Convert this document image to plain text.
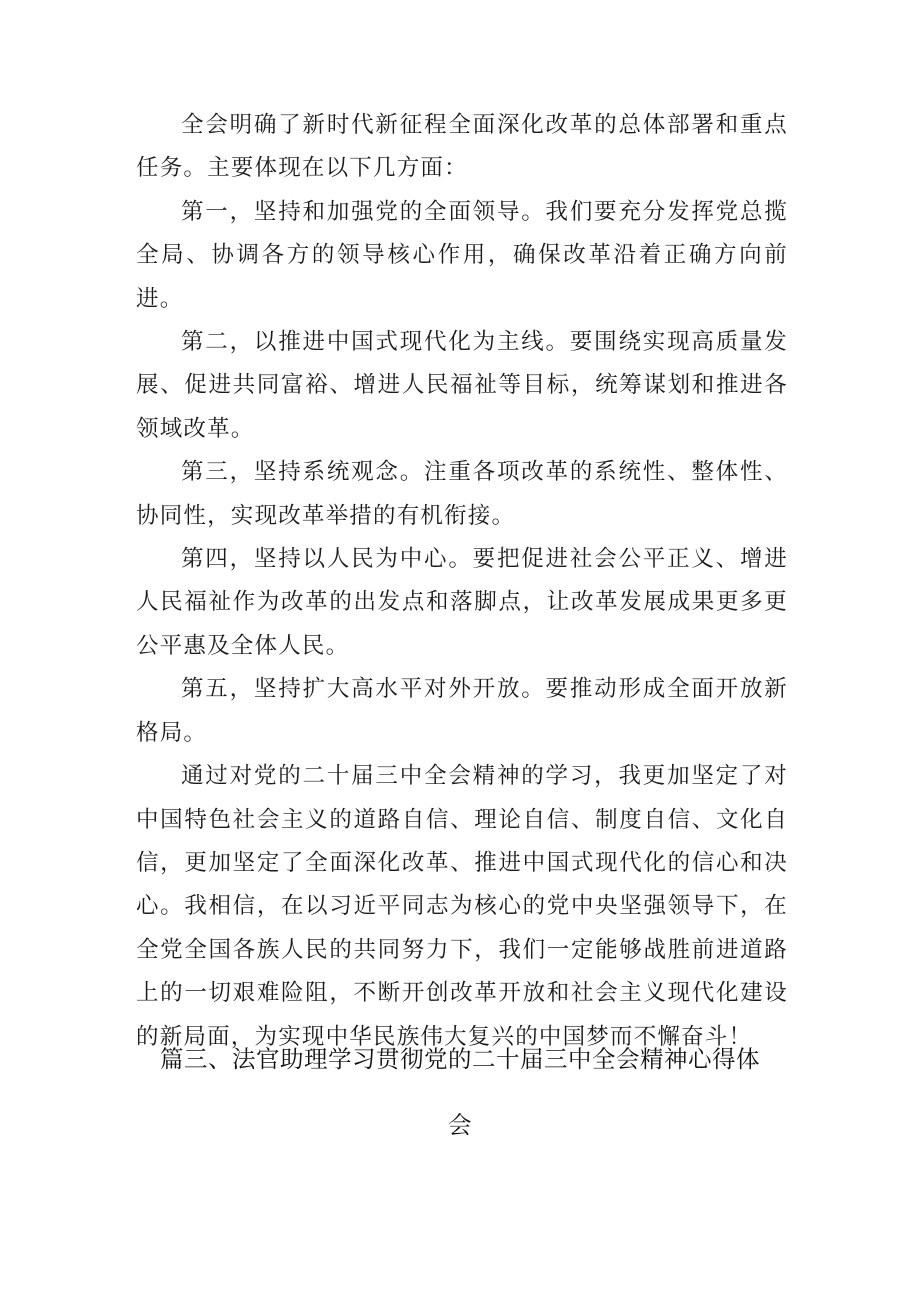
全会明确了新时代新征程全面深化改革的总体部署和重点任务。主要体现在以下几方面：

第一，坚持和加强党的全面领导。我们要充分发挥党总揽全局、协调各方的领导核心作用，确保改革沿着正确方向前进。

第二，以推进中国式现代化为主线。要围绕实现高质量发展、促进共同富裕、增进人民福祉等目标，统筹谋划和推进各领域改革。

第三，坚持系统观念。注重各项改革的系统性、整体性、协同性，实现改革举措的有机衔接。

第四，坚持以人民为中心。要把促进社会公平正义、增进人民福祉作为改革的出发点和落脚点，让改革发展成果更多更公平惠及全体人民。

第五，坚持扩大高水平对外开放。要推动形成全面开放新格局。

通过对党的二十届三中全会精神的学习，我更加坚定了对中国特色社会主义的道路自信、理论自信、制度自信、文化自信，更加坚定了全面深化改革、推进中国式现代化的信心和决心。我相信，在以习近平同志为核心的党中央坚强领导下，在全党全国各族人民的共同努力下，我们一定能够战胜前进道路上的一切艰难险阻，不断开创改革开放和社会主义现代化建设的新局面，为实现中华民族伟大复兴的中国梦而不懈奋斗！

篇三、法官助理学习贯彻党的二十届三中全会精神心得体会
